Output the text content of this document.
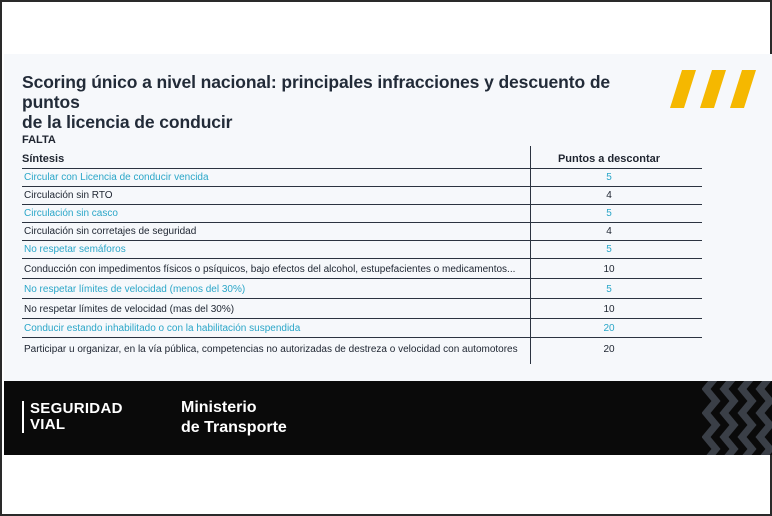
Scoring único a nivel nacional: principales infracciones y descuento de puntos
de la licencia de conducir
FALTA
Síntesis	Puntos a descontar
Circular con Licencia de conducir vencida	5
Circulación sin RTO	4
Circulación sin casco	5
Circulación sin corretajes de seguridad	4
No respetar semáforos	5
Conducción con impedimentos físicos o psíquicos, bajo efectos del alcohol, estupefacientes o medicamentos...	10
No respetar límites de velocidad (menos del 30%)	5
No respetar límites de velocidad (mas del 30%)	10
Conducir estando inhabilitado o con la habilitación suspendida	20
Participar u organizar, en la vía pública, competencias no autorizadas de destreza o velocidad con automotores	20
SEGURIDAD
VIAL
Ministerio
de Transporte
